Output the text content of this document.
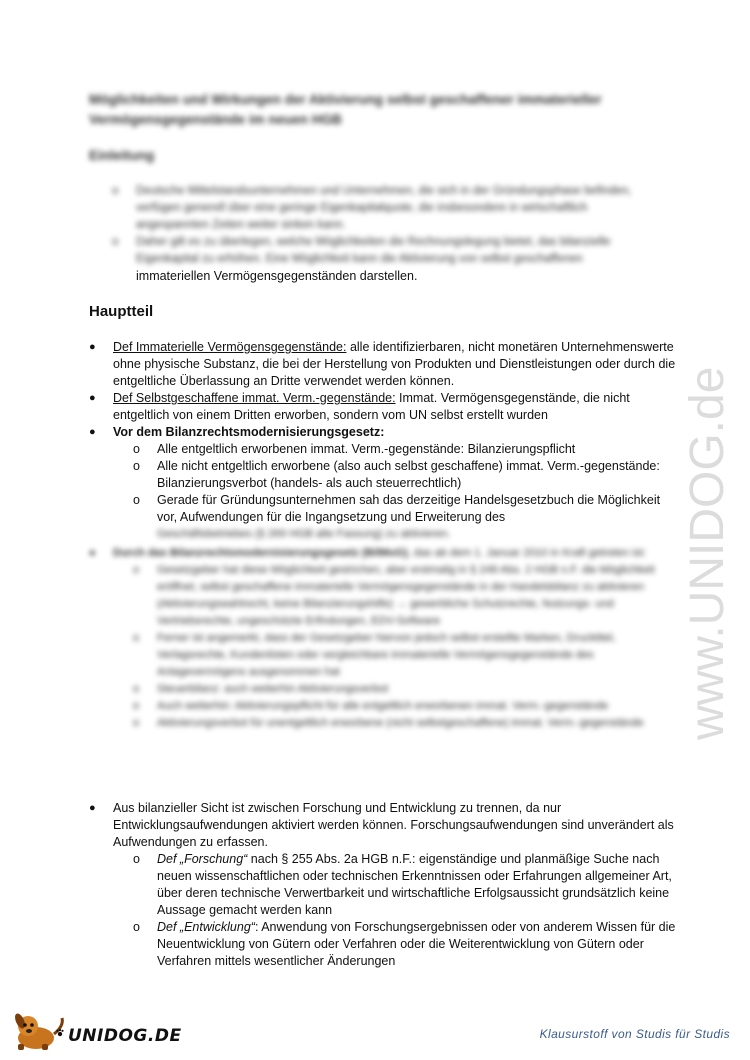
Möglichkeiten und Wirkungen der Aktivierung selbst geschaffener immaterieller Vermögensgegenstände im neuen HGB
Einleitung
o Deutsche Mittelstandsunternehmen und Unternehmen, die sich in der Gründungsphase befinden, verfügen generell über eine geringe Eigenkapitalquote, die insbesondere in wirtschaftlich angespannten Zeiten weiter sinken kann.
o Daher gilt es zu überlegen, welche Möglichkeiten die Rechnungslegung bietet, das bilanzielle Eigenkapital zu erhöhen. Eine Möglichkeit kann die Aktivierung von selbst geschaffenen
immateriellen Vermögensgegenständen darstellen.
Hauptteil
● Def Immaterielle Vermögensgegenstände: alle identifizierbaren, nicht monetären Unternehmenswerte ohne physische Substanz, die bei der Herstellung von Produkten und Dienstleistungen oder durch die entgeltliche Überlassung an Dritte verwendet werden können.
● Def Selbstgeschaffene immat. Verm.-gegenstände: Immat. Vermögensgegenstände, die nicht entgeltlich von einem Dritten erworben, sondern vom UN selbst erstellt wurden
● Vor dem Bilanzrechtsmodernisierungsgesetz:
o Alle entgeltlich erworbenen immat. Verm.-gegenstände: Bilanzierungspflicht
o Alle nicht entgeltlich erworbene (also auch selbst geschaffene) immat. Verm.-gegenstände: Bilanzierungsverbot (handels- als auch steuerrechtlich)
o Gerade für Gründungsunternehmen sah das derzeitige Handelsgesetzbuch die Möglichkeit vor, Aufwendungen für die Ingangsetzung und Erweiterung des
Geschäftsbetriebes (§ 269 HGB alte Fassung) zu aktivieren.
● Durch das Bilanzrechtsmodernisierungsgesetz (BilMoG), das ab dem 1. Januar 2010 in Kraft getreten ist:
o Gesetzgeber hat diese Möglichkeit gestrichen, aber erstmalig in § 248 Abs. 2 HGB n.F. die Möglichkeit eröffnet, selbst geschaffene immaterielle Vermögensgegenstände in der Handelsbilanz zu aktivieren (Aktivierungswahlrecht, keine Bilanzierungshilfe) → gewerbliche Schutzrechte, Nutzungs- und Vertriebsrechte, ungeschützte Erfindungen, EDV-Software
o Ferner ist angemerkt, dass der Gesetzgeber hiervon jedoch selbst erstellte Marken, Drucktitel, Verlagsrechte, Kundenlisten oder vergleichbare immaterielle Vermögensgegenstände des Anlagevermögens ausgenommen hat
o Steuerbilanz: auch weiterhin Aktivierungsverbot
o Auch weiterhin: Aktivierungspflicht für alle entgeltlich erworbenen immat. Verm.-gegenstände
o Aktivierungsverbot für unentgeltlich erworbene (nicht selbstgeschaffene) immat. Verm.-gegenstände
● Aus bilanzieller Sicht ist zwischen Forschung und Entwicklung zu trennen, da nur Entwicklungsaufwendungen aktiviert werden können. Forschungsaufwendungen sind unverändert als Aufwendungen zu erfassen.
o Def „Forschung“ nach § 255 Abs. 2a HGB n.F.: eigenständige und planmäßige Suche nach neuen wissenschaftlichen oder technischen Erkenntnissen oder Erfahrungen allgemeiner Art, über deren technische Verwertbarkeit und wirtschaftliche Erfolgsaussicht grundsätzlich keine Aussage gemacht werden kann
o Def „Entwicklung“: Anwendung von Forschungsergebnissen oder von anderem Wissen für die Neuentwicklung von Gütern oder Verfahren oder die Weiterentwicklung von Gütern oder Verfahren mittels wesentlicher Änderungen
www.UNIDOG.de
UNIDOG.DE	Klausurstoff von Studis für Studis
